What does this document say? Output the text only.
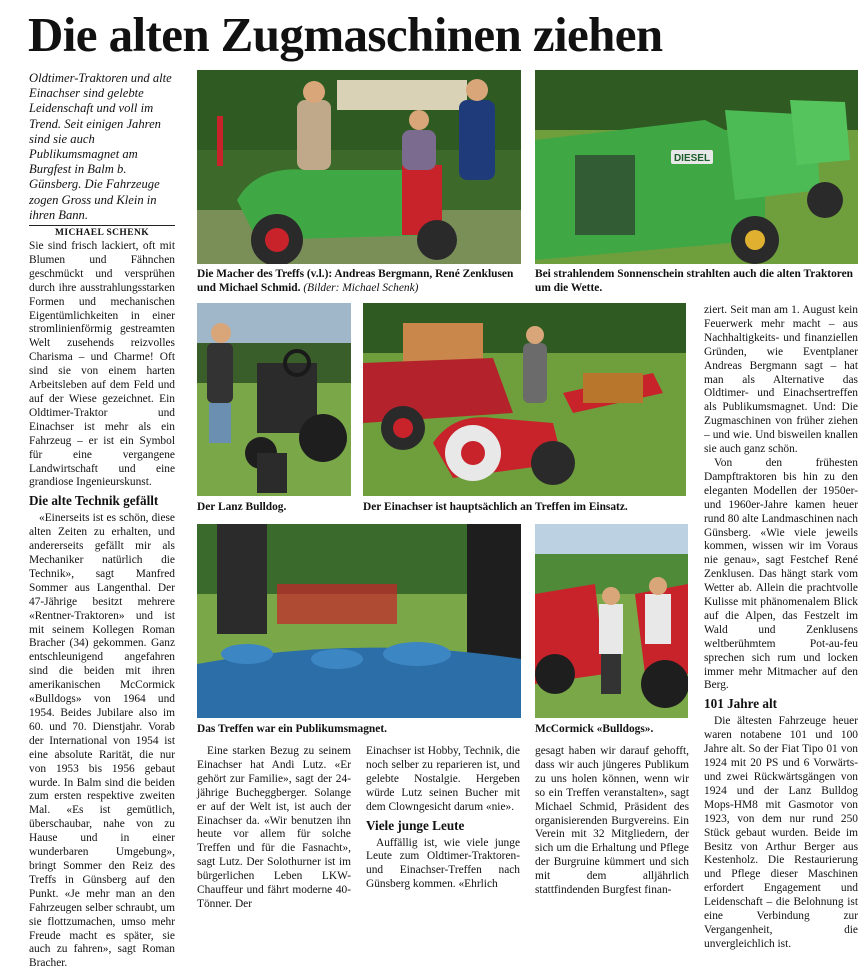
Die alten Zugmaschinen ziehen

Oldtimer-Traktoren und alte Einachser sind gelebte Leidenschaft und voll im Trend. Seit einigen Jahren sind sie auch Publikumsmagnet am Burgfest in Balm b. Günsberg. Die Fahrzeuge zogen Gross und Klein in ihren Bann.

MICHAEL SCHENK

Sie sind frisch lackiert, oft mit Blumen und Fähnchen geschmückt und versprühen durch ihre ausstrahlungsstarken Formen und mechanischen Eigentümlichkeiten in einer stromlinienförmig gestreamten Welt zusehends reizvolles Charisma – und Charme! Oft sind sie von einem harten Arbeitsleben auf dem Feld und auf der Wiese gezeichnet. Ein Oldtimer-Traktor und Einachser ist mehr als ein Fahrzeug – er ist ein Symbol für eine vergangene Landwirtschaft und eine grandiose Ingenieurskunst.

Die alte Technik gefällt

«Einerseits ist es schön, diese alten Zeiten zu erhalten, und andererseits gefällt mir als Mechaniker natürlich die Technik», sagt Manfred Sommer aus Langenthal. Der 47-Jährige besitzt mehrere «Rentner-Traktoren» und ist mit seinem Kollegen Roman Bracher (34) gekommen. Ganz entschleunigend angefahren sind die beiden mit ihren amerikanischen McCormick «Bulldogs» von 1964 und 1954. Beides Jubilare also im 60. und 70. Dienstjahr. Vorab der International von 1954 ist eine absolute Rarität, die nur von 1953 bis 1956 gebaut wurde. In Balm sind die beiden zum ersten respektive zweiten Mal. «Es ist gemütlich, überschaubar, nahe von zu Hause und in einer wunderbaren Umgebung», bringt Sommer den Reiz des Treffs in Günsberg auf den Punkt. «Je mehr man an den Fahrzeugen selber schraubt, um sie flottzumachen, umso mehr Freude macht es später, sie auch zu fahren», sagt Roman Bracher.

Die Macher des Treffs (v.l.): Andreas Bergmann, René Zenklusen und Michael Schmid. (Bilder: Michael Schenk)

DIESEL

Bei strahlendem Sonnenschein strahlten auch die alten Traktoren um die Wette.

Der Lanz Bulldog.	Der Einachser ist hauptsächlich an Treffen im Einsatz.

ziert. Seit man am 1. August kein Feuerwerk mehr macht – aus Nachhaltigkeits- und finanziellen Gründen, wie Eventplaner Andreas Bergmann sagt – hat man als Alternative das Oldtimer- und Einachsertreffen als Publikumsmagnet. Und: Die Zugmaschinen von früher ziehen – und wie. Und bisweilen knallen sie auch ganz schön.

Von den frühesten Dampftraktoren bis hin zu den eleganten Modellen der 1950er- und 1960er-Jahre kamen heuer rund 80 alte Landmaschinen nach Günsberg. «Wie viele jeweils kommen, wissen wir im Voraus nie genau», sagt Festchef René Zenklusen. Das hängt stark vom Wetter ab. Allein die prachtvolle Kulisse mit phänomenalem Blick auf die Alpen, das Festzelt im Wald und Zenklusens weltberühmtem Pot-au-feu sprechen sich rum und locken immer mehr Mitmacher auf den Berg.

101 Jahre alt

Die ältesten Fahrzeuge heuer waren notabene 101 und 100 Jahre alt. So der Fiat Tipo 01 von 1924 mit 20 PS und 6 Vorwärts- und zwei Rückwärtsgängen von 1924 und der Lanz Bulldog Mops-HM8 mit Gasmotor von 1923, von dem nur rund 250 Stück gebaut wurden. Beide im Besitz von Arthur Berger aus Kestenholz. Die Restaurierung und Pflege dieser Maschinen erfordert Engagement und Leidenschaft – die Belohnung ist eine Verbindung zur Vergangenheit, die unvergleichlich ist.

Das Treffen war ein Publikumsmagnet.	McCormick «Bulldogs».

Eine starken Bezug zu seinem Einachser hat Andi Lutz. «Er gehört zur Familie», sagt der 24-jährige Bucheggberger. Solange er auf der Welt ist, ist auch der Einachser da. «Wir benutzen ihn heute vor allem für solche Treffen und für die Fasnacht», sagt Lutz. Der Solothurner ist im bürgerlichen Leben LKW-Chauffeur und fährt moderne 40-Tönner. Der

Einachser ist Hobby, Technik, die noch selber zu reparieren ist, und gelebte Nostalgie. Hergeben würde Lutz seinen Bucher mit dem Clowngesicht darum «nie».

Viele junge Leute

Auffällig ist, wie viele junge Leute zum Oldtimer-Traktoren- und Einachser-Treffen nach Günsberg kommen. «Ehrlich

gesagt haben wir darauf gehofft, dass wir auch jüngeres Publikum zu uns holen können, wenn wir so ein Treffen veranstalten», sagt Michael Schmid, Präsident des organisierenden Burgvereins. Ein Verein mit 32 Mitgliedern, der sich um die Erhaltung und Pflege der Burgruine kümmert und sich mit dem alljährlich stattfindenden Burgfest finan-
